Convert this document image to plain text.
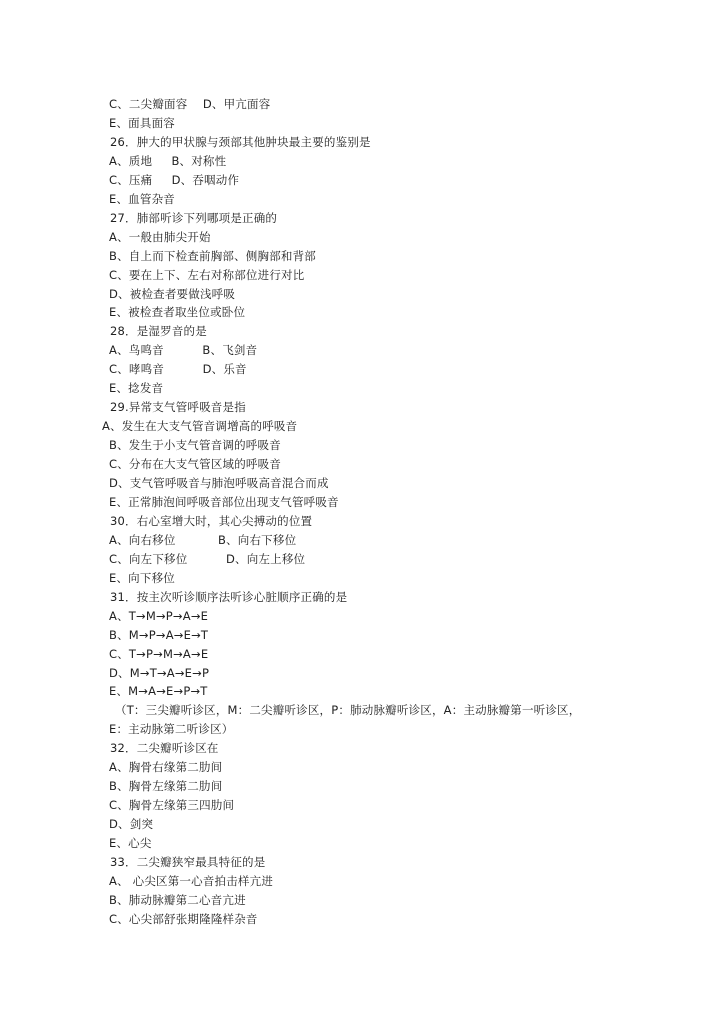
C、二尖瓣面容    D、甲亢面容
E、面具面容
26．肿大的甲状腺与颈部其他肿块最主要的鉴别是
A、质地     B、对称性
C、压痛     D、吞咽动作
E、血管杂音
27．肺部听诊下列哪项是正确的
A、一般由肺尖开始
B、自上而下检查前胸部、侧胸部和背部
C、要在上下、左右对称部位进行对比
D、被检查者要做浅呼吸
E、被检查者取坐位或卧位
28．是湿罗音的是
A、鸟鸣音          B、飞剑音
C、哮鸣音          D、乐音
E、捻发音
29.异常支气管呼吸音是指
A、发生在大支气管音调增高的呼吸音
B、发生于小支气管音调的呼吸音
C、分布在大支气管区域的呼吸音
D、支气管呼吸音与肺泡呼吸高音混合而成
E、正常肺泡间呼吸音部位出现支气管呼吸音
30．右心室增大时，其心尖搏动的位置
A、向右移位           B、向右下移位
C、向左下移位          D、向左上移位
E、向下移位
31．按主次听诊顺序法听诊心脏顺序正确的是
A、T→M→P→A→E
B、M→P→A→E→T
C、T→P→M→A→E
D、M→T→A→E→P
E、M→A→E→P→T
（T：三尖瓣听诊区，M：二尖瓣听诊区，P：肺动脉瓣听诊区，A：主动脉瓣第一听诊区，
E：主动脉第二听诊区）
32．二尖瓣听诊区在
A、胸骨右缘第二肋间
B、胸骨左缘第二肋间
C、胸骨左缘第三四肋间
D、剑突
E、心尖
33．二尖瓣狭窄最具特征的是
A、 心尖区第一心音拍击样亢进
B、肺动脉瓣第二心音亢进
C、心尖部舒张期隆隆样杂音
